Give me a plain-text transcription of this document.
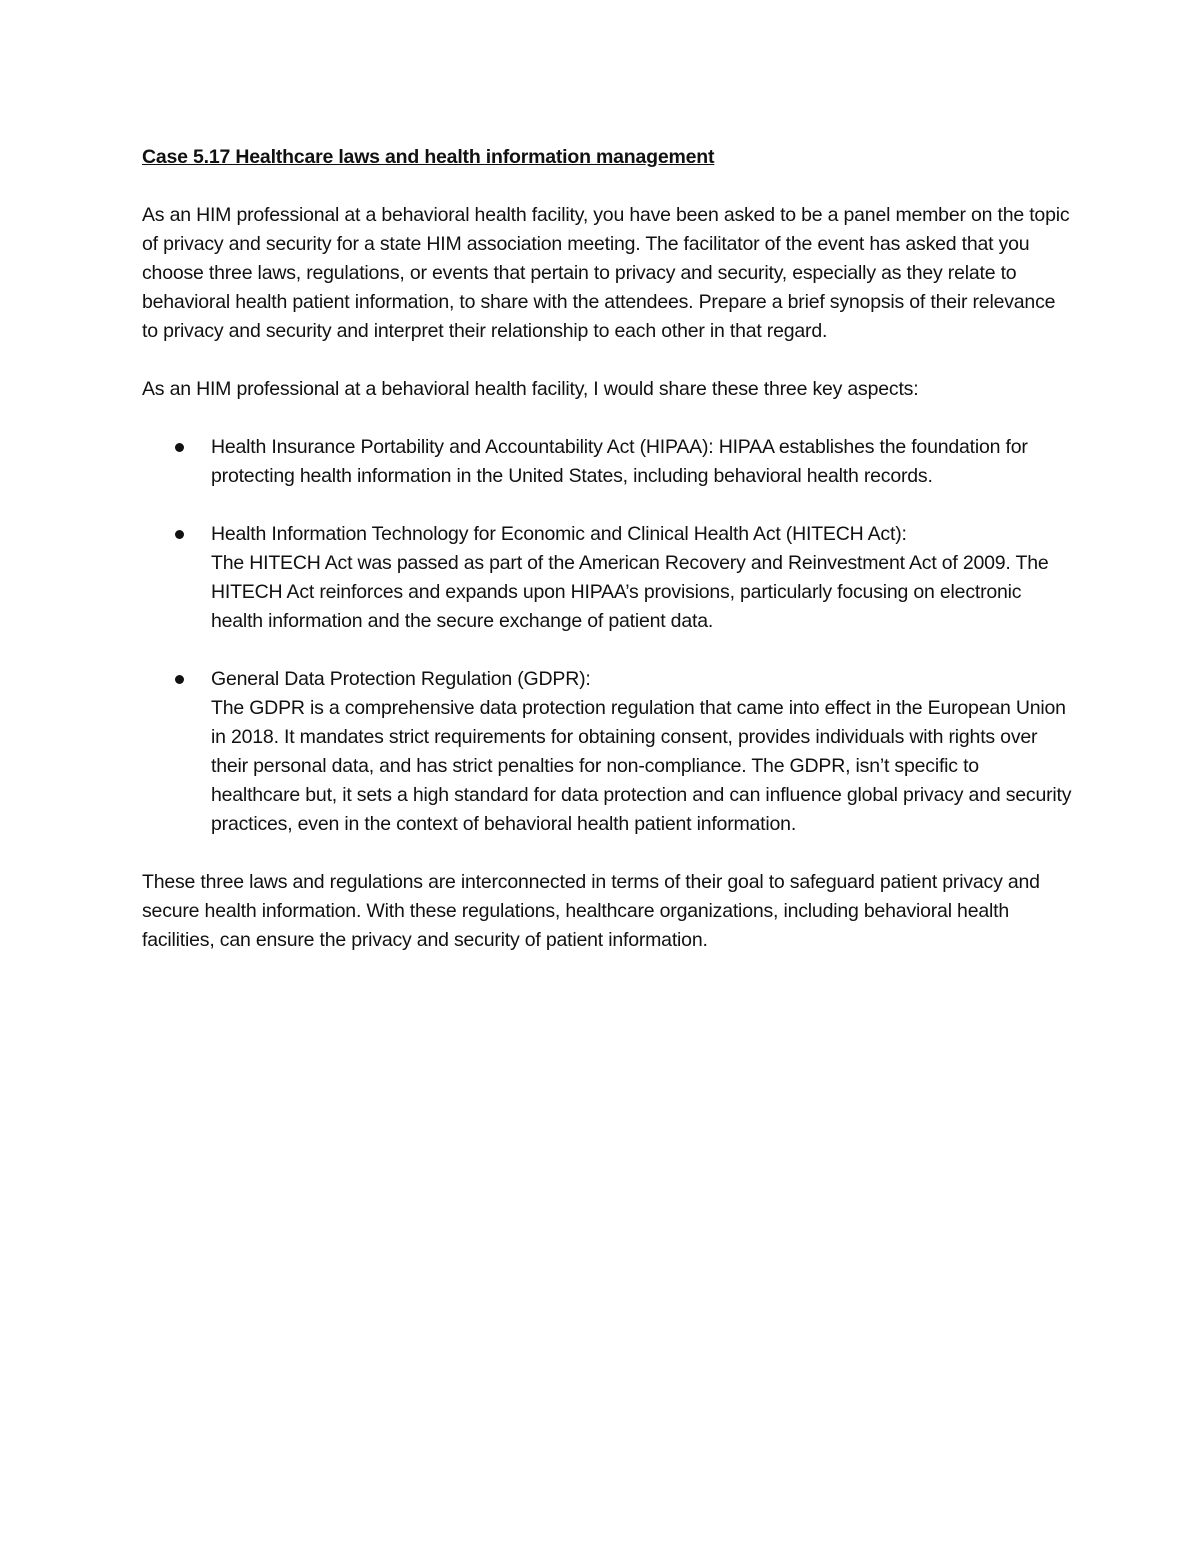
Case 5.17 Healthcare laws and health information management

As an HIM professional at a behavioral health facility, you have been asked to be a panel member on the topic of privacy and security for a state HIM association meeting. The facilitator of the event has asked that you choose three laws, regulations, or events that pertain to privacy and security, especially as they relate to behavioral health patient information, to share with the attendees. Prepare a brief synopsis of their relevance to privacy and security and interpret their relationship to each other in that regard.

As an HIM professional at a behavioral health facility, I would share these three key aspects:

Health Insurance Portability and Accountability Act (HIPAA): HIPAA establishes the foundation for protecting health information in the United States, including behavioral health records.
Health Information Technology for Economic and Clinical Health Act (HITECH Act):
The HITECH Act was passed as part of the American Recovery and Reinvestment Act of 2009. The HITECH Act reinforces and expands upon HIPAA’s provisions, particularly focusing on electronic health information and the secure exchange of patient data.
General Data Protection Regulation (GDPR):
The GDPR is a comprehensive data protection regulation that came into effect in the European Union in 2018. It mandates strict requirements for obtaining consent, provides individuals with rights over their personal data, and has strict penalties for non-compliance. The GDPR, isn’t specific to healthcare but, it sets a high standard for data protection and can influence global privacy and security practices, even in the context of behavioral health patient information.

These three laws and regulations are interconnected in terms of their goal to safeguard patient privacy and secure health information. With these regulations, healthcare organizations, including behavioral health facilities, can ensure the privacy and security of patient information.
